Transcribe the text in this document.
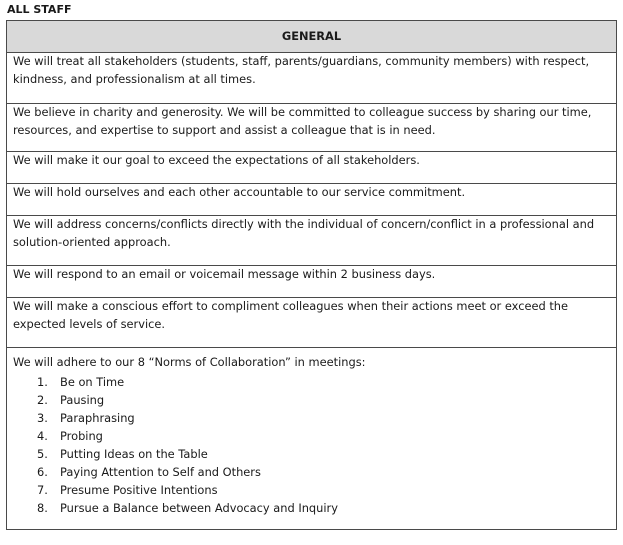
ALL STAFF
GENERAL
We will treat all stakeholders (students, staff, parents/guardians, community members) with respect, kindness, and professionalism at all times.
We believe in charity and generosity. We will be committed to colleague success by sharing our time, resources, and expertise to support and assist a colleague that is in need.
We will make it our goal to exceed the expectations of all stakeholders.
We will hold ourselves and each other accountable to our service commitment.
We will address concerns/conflicts directly with the individual of concern/conflict in a professional and solution-oriented approach.
We will respond to an email or voicemail message within 2 business days.
We will make a conscious effort to compliment colleagues when their actions meet or exceed the expected levels of service.

We will adhere to our 8 “Norms of Collaboration” in meetings:
1.	Be on Time
2.	Pausing
3.	Paraphrasing
4.	Probing
5.	Putting Ideas on the Table
6.	Paying Attention to Self and Others
7.	Presume Positive Intentions
8.	Pursue a Balance between Advocacy and Inquiry
